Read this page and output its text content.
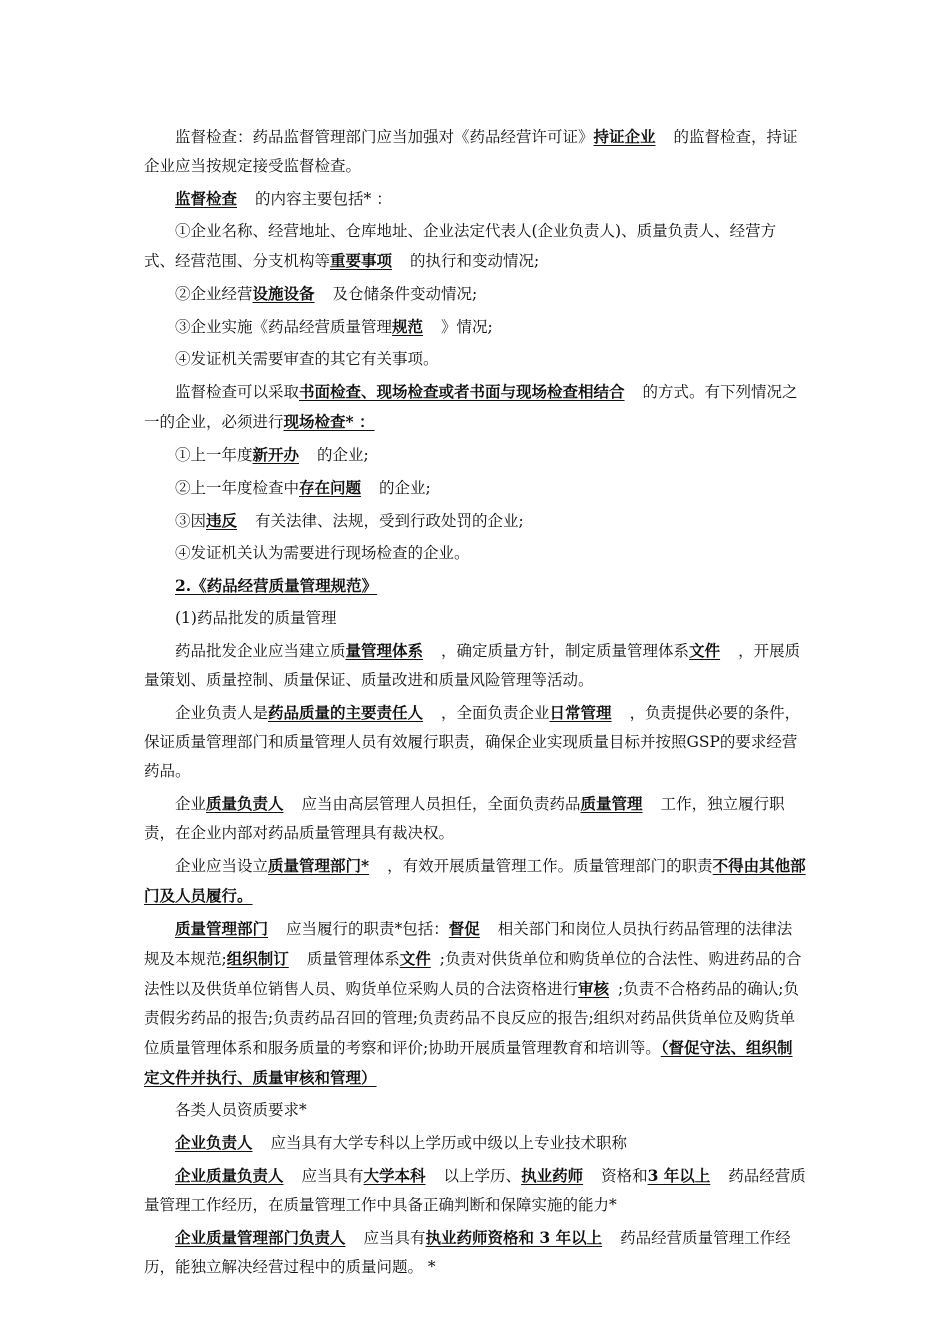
监督检查：药品监督管理部门应当加强对《药品经营许可证》持证企业 的监督检查，持证企业应当按规定接受监督检查。

监督检查 的内容主要包括* ：

①企业名称、经营地址、仓库地址、企业法定代表人(企业负责人)、质量负责人、经营方式、经营范围、分支机构等重要事项 的执行和变动情况;

②企业经营设施设备 及仓储条件变动情况;

③企业实施《药品经营质量管理规范 》情况;

④发证机关需要审查的其它有关事项。

监督检查可以采取书面检查、现场检查或者书面与现场检查相结合 的方式。有下列情况之一的企业，必须进行现场检查* ：

①上一年度新开办 的企业;

②上一年度检查中存在问题 的企业;

③因违反 有关法律、法规，受到行政处罚的企业;

④发证机关认为需要进行现场检查的企业。

2.《药品经营质量管理规范》

(1)药品批发的质量管理

药品批发企业应当建立质量管理体系 ，确定质量方针，制定质量管理体系文件 ，开展质量策划、质量控制、质量保证、质量改进和质量风险管理等活动。

企业负责人是药品质量的主要责任人 ，全面负责企业日常管理 ，负责提供必要的条件，保证质量管理部门和质量管理人员有效履行职责，确保企业实现质量目标并按照GSP的要求经营药品。

企业质量负责人 应当由高层管理人员担任，全面负责药品质量管理 工作，独立履行职责，在企业内部对药品质量管理具有裁决权。

企业应当设立质量管理部门* ，有效开展质量管理工作。质量管理部门的职责不得由其他部门及人员履行。

质量管理部门 应当履行的职责*包括：督促 相关部门和岗位人员执行药品管理的法律法规及本规范;组织制订 质量管理体系文件 ;负责对供货单位和购货单位的合法性、购进药品的合法性以及供货单位销售人员、购货单位采购人员的合法资格进行审核 ;负责不合格药品的确认;负责假劣药品的报告;负责药品召回的管理;负责药品不良反应的报告;组织对药品供货单位及购货单位质量管理体系和服务质量的考察和评价;协助开展质量管理教育和培训等。（督促守法、组织制定文件并执行、质量审核和管理）

各类人员资质要求*

企业负责人 应当具有大学专科以上学历或中级以上专业技术职称

企业质量负责人 应当具有大学本科 以上学历、执业药师 资格和3 年以上 药品经营质量管理工作经历，在质量管理工作中具备正确判断和保障实施的能力*

企业质量管理部门负责人 应当具有执业药师资格和 3 年以上 药品经营质量管理工作经历，能独立解决经营过程中的质量问题。 *
